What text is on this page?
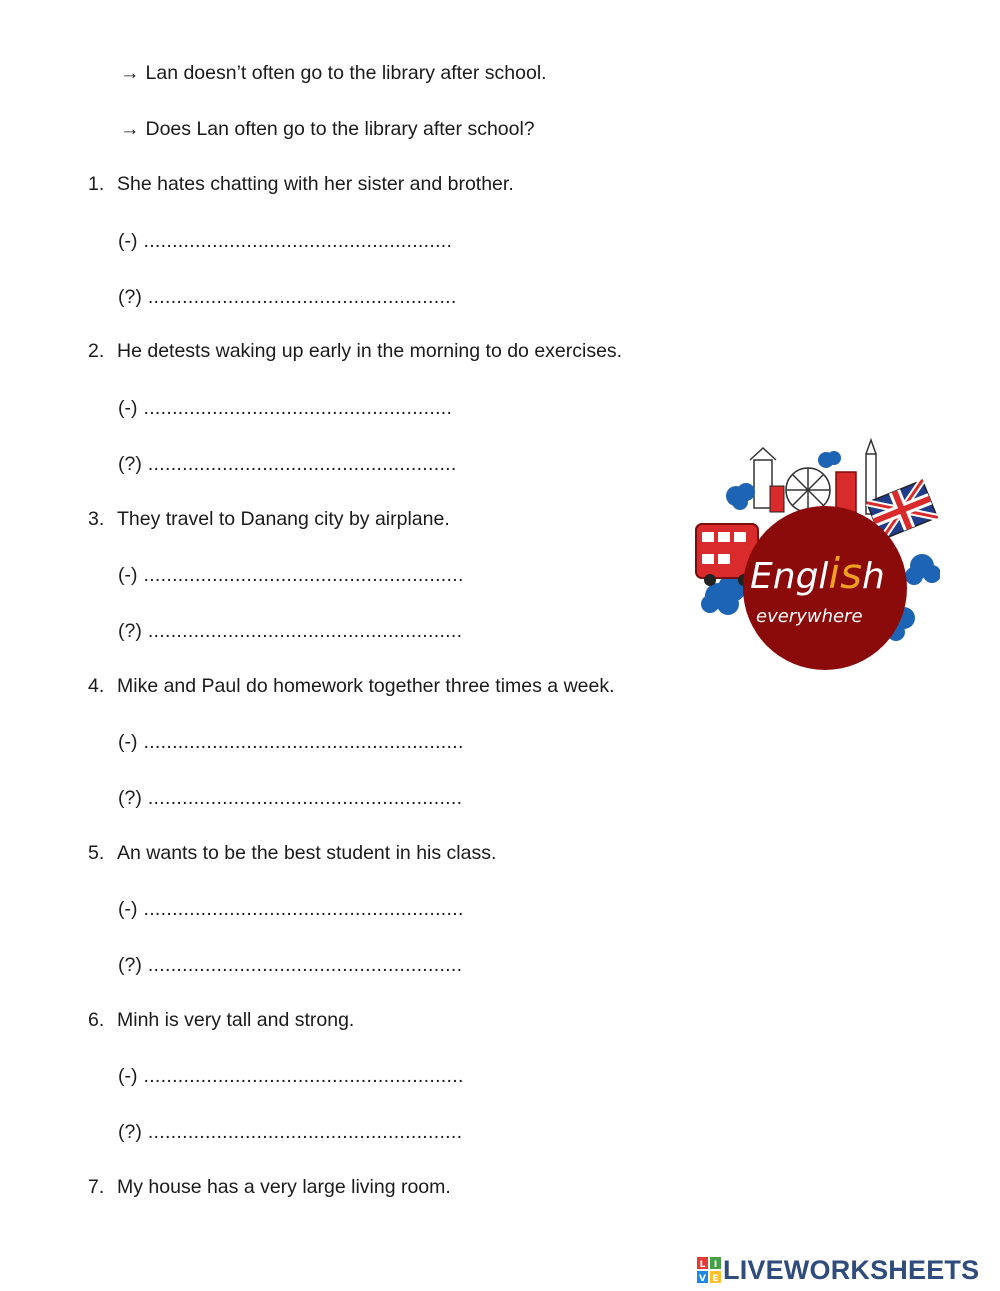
→ Lan doesn’t often go to the library after school.
→ Does Lan often go to the library after school?
1. She hates chatting with her sister and brother.
(-) ......................................................
(?) ......................................................
2. He detests waking up early in the morning to do exercises.
(-) ......................................................
(?) ......................................................
3. They travel to Danang city by airplane.
(-) ........................................................
(?) .......................................................
4. Mike and Paul do homework together three times a week.
(-) ........................................................
(?) .......................................................
5. An wants to be the best student in his class.
(-) ........................................................
(?) .......................................................
6. Minh is very tall and strong.
(-) ........................................................
(?) .......................................................
7. My house has a very large living room.
English
everywhere
L I
V E LIVEWORKSHEETS
